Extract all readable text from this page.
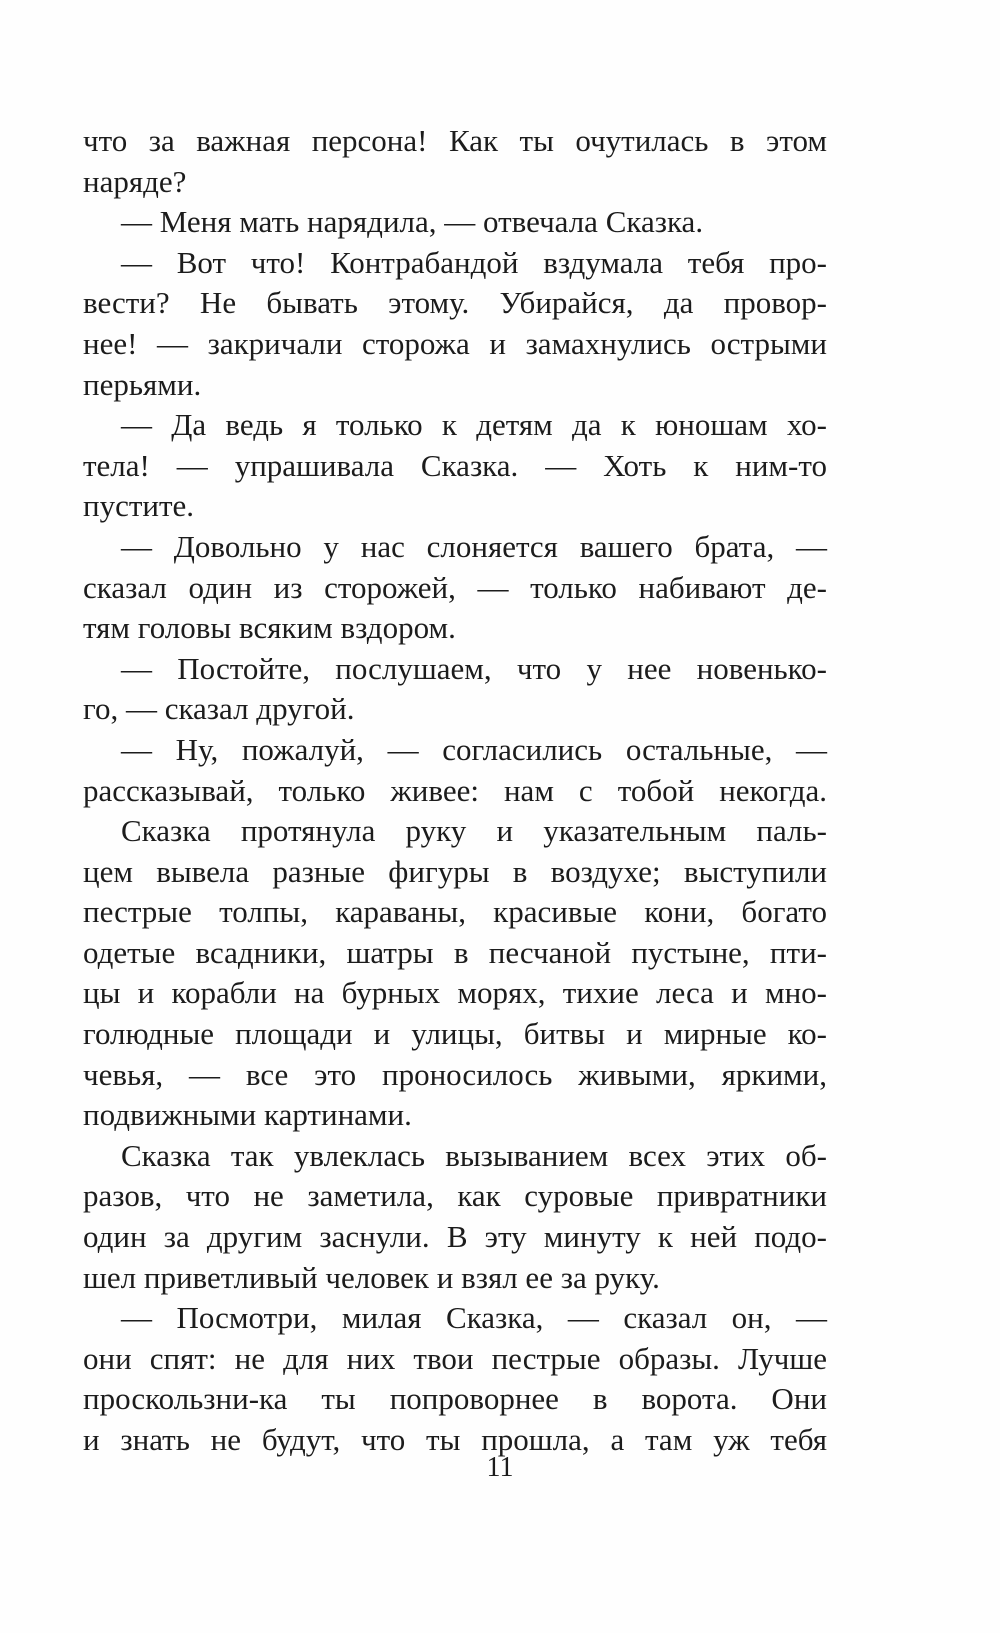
что за важная персона! Как ты очутилась в этом
наряде?
— Меня мать нарядила, — отвечала Сказка.
— Вот что! Контрабандой вздумала тебя про-
вести? Не бывать этому. Убирайся, да провор-
нее! — закричали сторожа и замахнулись острыми
перьями.
— Да ведь я только к детям да к юношам хо-
тела! — упрашивала Сказка. — Хоть к ним-то
пустите.
— Довольно у нас слоняется вашего брата, —
сказал один из сторожей, — только набивают де-
тям головы всяким вздором.
— Постойте, послушаем, что у нее новенько-
го, — сказал другой.
— Ну, пожалуй, — согласились остальные, —
рассказывай, только живее: нам с тобой некогда.
Сказка протянула руку и указательным паль-
цем вывела разные фигуры в воздухе; выступили
пестрые толпы, караваны, красивые кони, богато
одетые всадники, шатры в песчаной пустыне, пти-
цы и корабли на бурных морях, тихие леса и мно-
голюдные площади и улицы, битвы и мирные ко-
чевья, — все это проносилось живыми, яркими,
подвижными картинами.
Сказка так увлеклась вызыванием всех этих об-
разов, что не заметила, как суровые привратники
один за другим заснули. В эту минуту к ней подо-
шел приветливый человек и взял ее за руку.
— Посмотри, милая Сказка, — сказал он, —
они спят: не для них твои пестрые образы. Лучше
проскользни-ка ты попроворнее в ворота. Они
и знать не будут, что ты прошла, а там уж тебя
11
